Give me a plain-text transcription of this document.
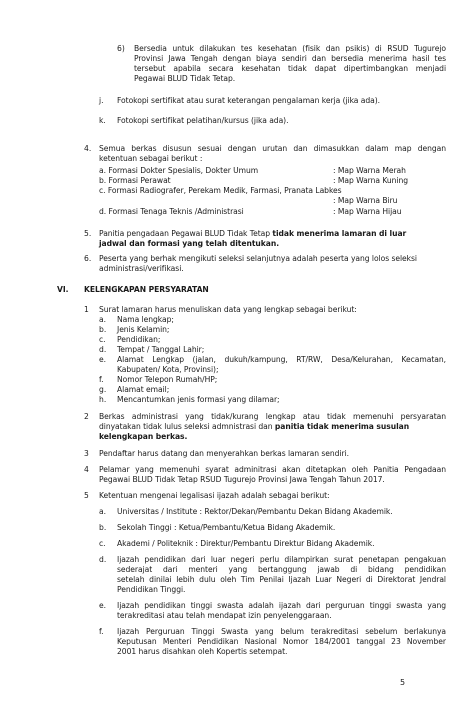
6) Bersedia untuk dilakukan tes kesehatan (fisik dan psikis) di RSUD Tugurejo
Provinsi Jawa Tengah dengan biaya sendiri dan bersedia menerima hasil tes
tersebut apabila secara kesehatan tidak dapat dipertimbangkan menjadi
Pegawai BLUD Tidak Tetap.
j. Fotokopi sertifikat atau surat keterangan pengalaman kerja (jika ada).
k. Fotokopi sertifikat pelatihan/kursus (jika ada).
4. Semua berkas disusun sesuai dengan urutan dan dimasukkan dalam map dengan
ketentuan sebagai berikut :
a. Formasi Dokter Spesialis, Dokter Umum	: Map Warna Merah
b. Formasi Perawat	: Map Warna Kuning
c. Formasi Radiografer, Perekam Medik, Farmasi, Pranata Labkes
: Map Warna Biru
d. Formasi Tenaga Teknis /Administrasi	: Map Warna Hijau
5. Panitia pengadaan Pegawai BLUD Tidak Tetap tidak menerima lamaran di luar
jadwal dan formasi yang telah ditentukan.
6. Peserta yang berhak mengikuti seleksi selanjutnya adalah peserta yang lolos seleksi
administrasi/verifikasi.
VI. KELENGKAPAN PERSYARATAN
1 Surat lamaran harus menuliskan data yang lengkap sebagai berikut:
a. Nama lengkap;
b. Jenis Kelamin;
c. Pendidikan;
d. Tempat / Tanggal Lahir;
e. Alamat Lengkap (jalan, dukuh/kampung, RT/RW, Desa/Kelurahan, Kecamatan,
Kabupaten/ Kota, Provinsi);
f. Nomor Telepon Rumah/HP;
g. Alamat email;
h. Mencantumkan jenis formasi yang dilamar;
2 Berkas administrasi yang tidak/kurang lengkap atau tidak memenuhi persyaratan
dinyatakan tidak lulus seleksi admnistrasi dan panitia tidak menerima susulan
kelengkapan berkas.
3 Pendaftar harus datang dan menyerahkan berkas lamaran sendiri.
4 Pelamar yang memenuhi syarat adminitrasi akan ditetapkan oleh Panitia Pengadaan
Pegawai BLUD Tidak Tetap RSUD Tugurejo Provinsi Jawa Tengah Tahun 2017.
5 Ketentuan mengenai legalisasi ijazah adalah sebagai berikut:
a. Universitas / Institute : Rektor/Dekan/Pembantu Dekan Bidang Akademik.
b. Sekolah Tinggi : Ketua/Pembantu/Ketua Bidang Akademik.
c. Akademi / Politeknik : Direktur/Pembantu Direktur Bidang Akademik.
d. Ijazah pendidikan dari luar negeri perlu dilampirkan surat penetapan pengakuan
sederajat dari menteri yang bertanggung jawab di bidang pendidikan
setelah dinilai lebih dulu oleh Tim Penilai Ijazah Luar Negeri di Direktorat Jendral
Pendidikan Tinggi.
e. Ijazah pendidikan tinggi swasta adalah ijazah dari perguruan tinggi swasta yang
terakreditasi atau telah mendapat izin penyelenggaraan.
f. Ijazah Perguruan Tinggi Swasta yang belum terakreditasi sebelum berlakunya
Keputusan Menteri Pendidikan Nasional Nomor 184/2001 tanggal 23 November
2001 harus disahkan oleh Kopertis setempat.
5
